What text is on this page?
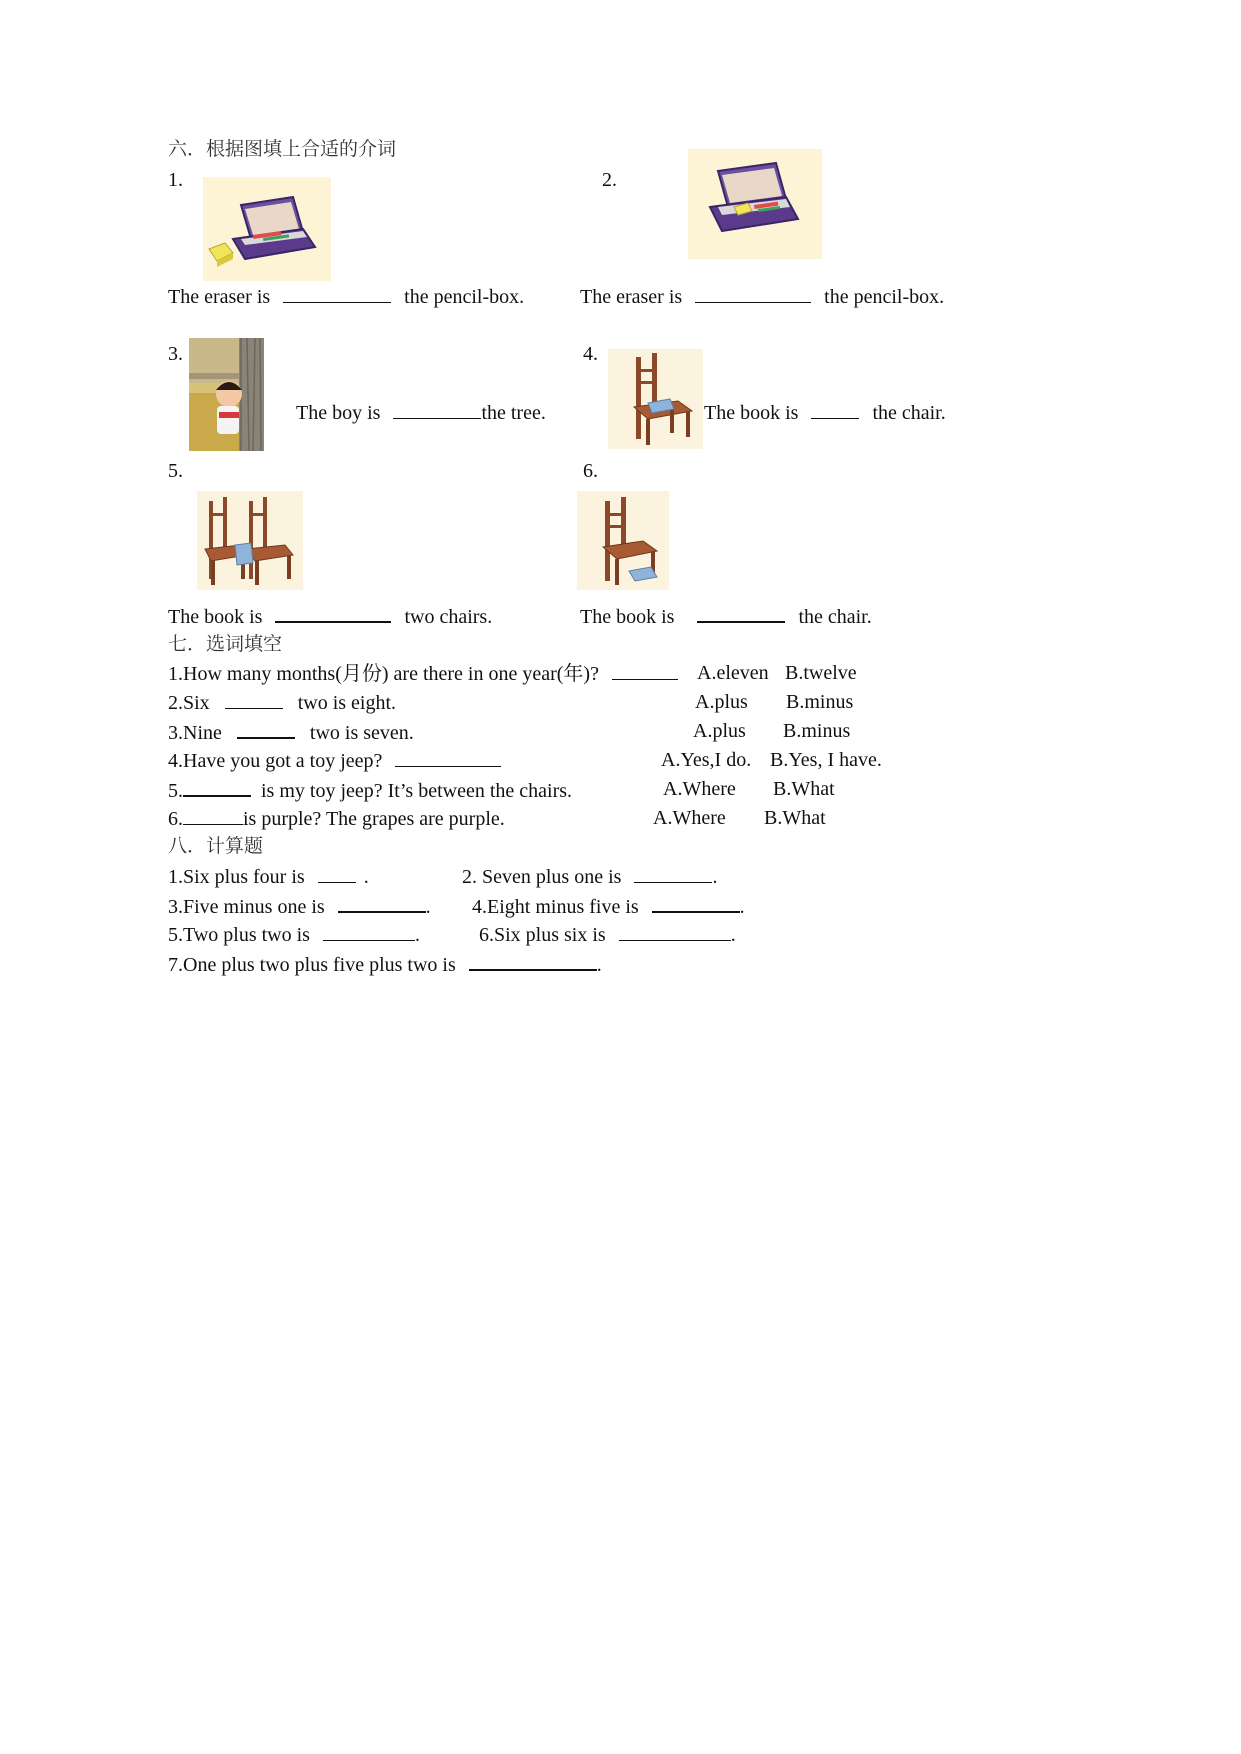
六．根据图填上合适的介词
1.
The eraser is	the pencil-box.
2.
The eraser is	the pencil-box.
3.
The boy is	the tree.
4.
The book is	the chair.
5.
The book is	two chairs.
6.
The book is	the chair.
七．选词填空
1.How many months(月份) are there in one year(年)?	A.eleven B.twelve
2.Six	two is eight.	A.plus B.minus
3.Nine	two is seven.	A.plus B.minus
4.Have you got a toy jeep?	A.Yes,I do. B.Yes, I have.
5.	is my toy jeep? It’s between the chairs.	A.Where B.What
6.	is purple? The grapes are purple.	A.Where B.What
八．计算题
1.Six plus four is	.	2. Seven plus one is	.
3.Five minus one is	. 4.Eight minus five is	.
5.Two plus two is	.	6.Six plus six is	.
7.One plus two plus five plus two is	.
